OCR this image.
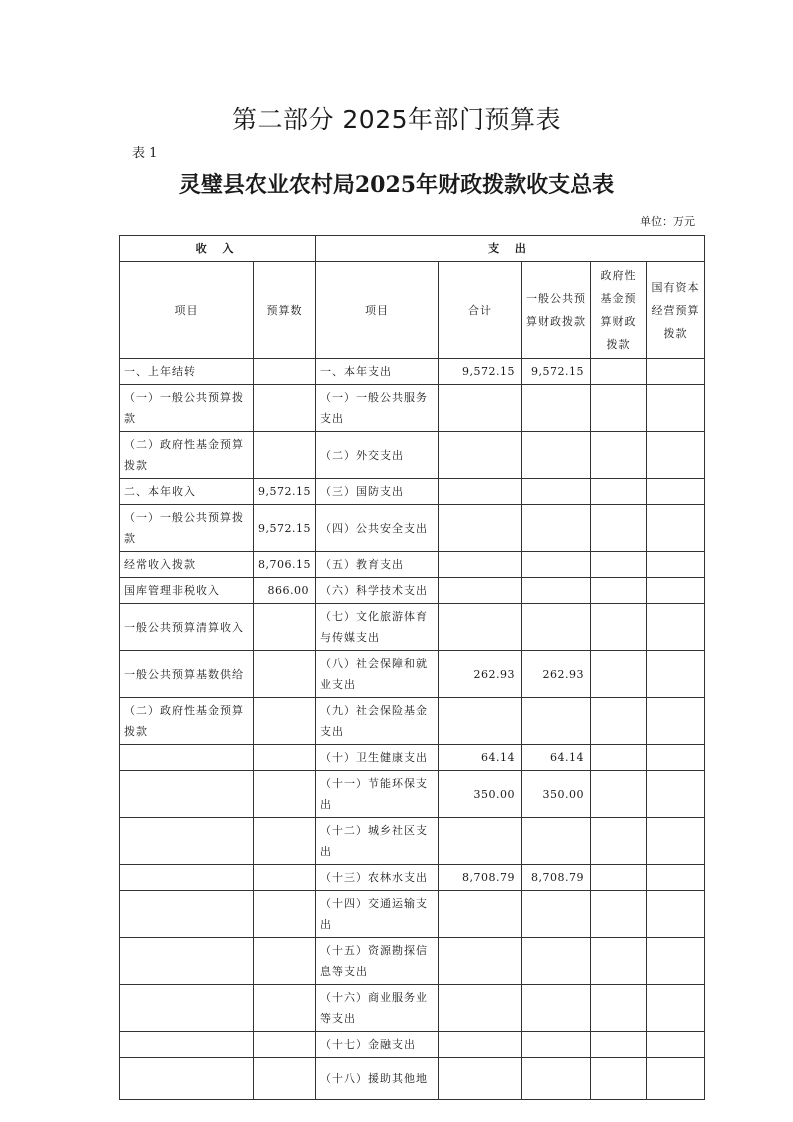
第二部分 2025年部门预算表
表 1
灵璧县农业农村局2025年财政拨款收支总表
单位：万元
收 入		支 出				
项目	预算数	项目	合计	一般公共预算财政拨款	政府性基金预算财政拨款	国有资本经营预算拨款
一、上年结转		一、本年支出	9,572.15	9,572.15		
（一）一般公共预算拨款		（一）一般公共服务支出				
（二）政府性基金预算拨款		（二）外交支出				
二、本年收入	9,572.15	（三）国防支出				
（一）一般公共预算拨款	9,572.15	（四）公共安全支出				
经常收入拨款	8,706.15	（五）教育支出				
国库管理非税收入	866.00	（六）科学技术支出				
一般公共预算清算收入		（七）文化旅游体育与传媒支出				
一般公共预算基数供给		（八）社会保障和就业支出	262.93	262.93		
（二）政府性基金预算拨款		（九）社会保险基金支出				
		（十）卫生健康支出	64.14	64.14		
		（十一）节能环保支出	350.00	350.00		
		（十二）城乡社区支出				
		（十三）农林水支出	8,708.79	8,708.79		
		（十四）交通运输支出				
		（十五）资源勘探信息等支出				
		（十六）商业服务业等支出				
		（十七）金融支出				
		（十八）援助其他地				
